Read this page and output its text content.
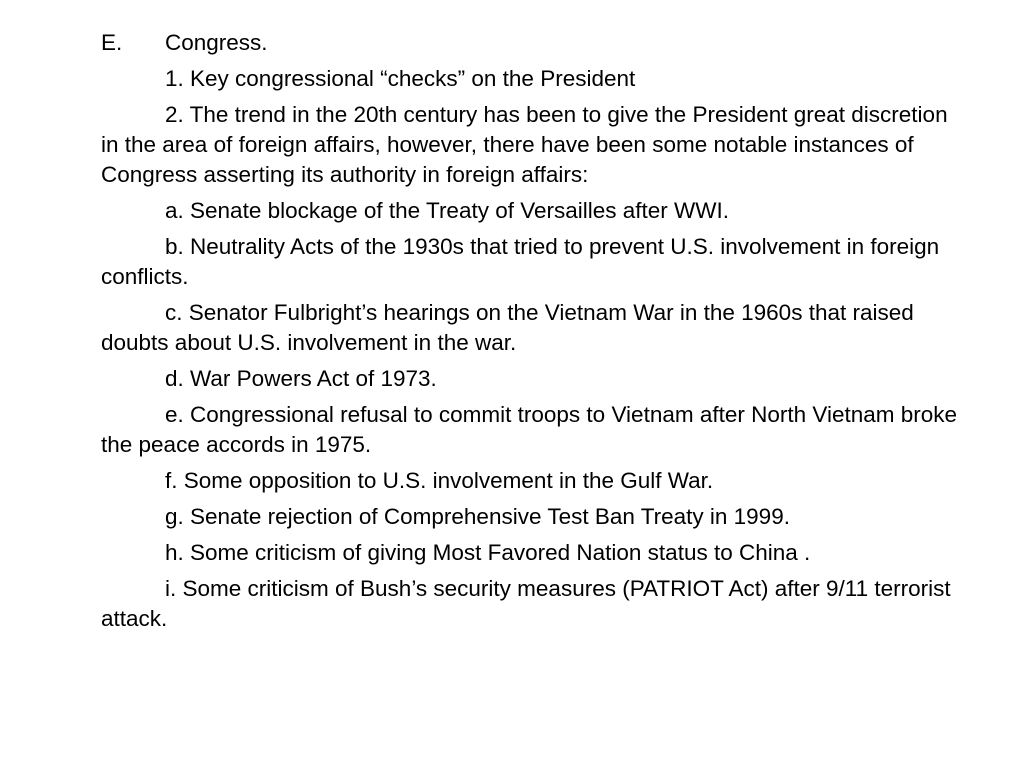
E. Congress.
1. Key congressional “checks” on the President
2. The trend in the 20th century has been to give the President great discretion in the area of foreign affairs, however, there have been some notable instances of Congress asserting its authority in foreign affairs:
a. Senate blockage of the Treaty of Versailles after WWI.
b. Neutrality Acts of the 1930s that tried to prevent U.S. involvement in foreign conflicts.
c. Senator Fulbright’s hearings on the Vietnam War in the 1960s that raised doubts about U.S. involvement in the war.
d. War Powers Act of 1973.
e. Congressional refusal to commit troops to Vietnam after North Vietnam broke the peace accords in 1975.
f. Some opposition to U.S. involvement in the Gulf War.
g. Senate rejection of Comprehensive Test Ban Treaty in 1999.
h. Some criticism of giving Most Favored Nation status to China .
i. Some criticism of Bush’s security measures (PATRIOT Act) after 9/11 terrorist attack.
